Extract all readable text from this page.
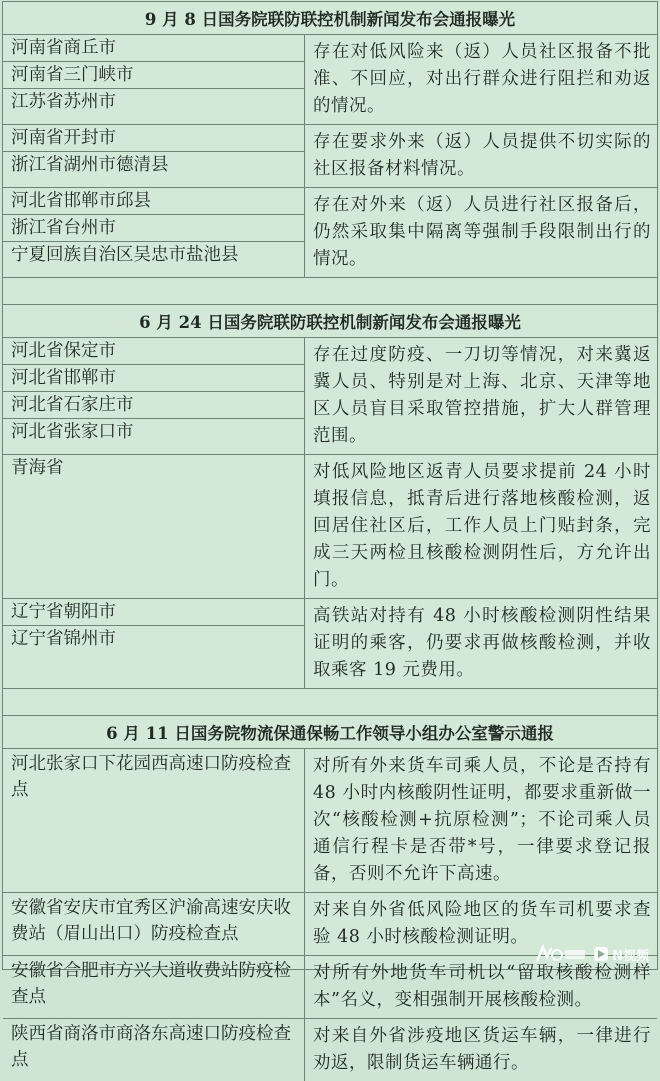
9 月 8 日国务院联防联控机制新闻发布会通报曝光
河南省商丘市
河南省三门峡市
江苏省苏州市
存在对低风险来（返）人员社区报备不批准、不回应，对出行群众进行阻拦和劝返的情况。
河南省开封市
浙江省湖州市德清县
存在要求外来（返）人员提供不切实际的社区报备材料情况。
河北省邯郸市邱县
浙江省台州市
宁夏回族自治区吴忠市盐池县
存在对外来（返）人员进行社区报备后，仍然采取集中隔离等强制手段限制出行的情况。
6 月 24 日国务院联防联控机制新闻发布会通报曝光
河北省保定市
河北省邯郸市
河北省石家庄市
河北省张家口市
存在过度防疫、一刀切等情况，对来冀返冀人员、特别是对上海、北京、天津等地区人员盲目采取管控措施，扩大人群管理范围。
青海省	对低风险地区返青人员要求提前 24 小时填报信息，抵青后进行落地核酸检测，返回居住社区后，工作人员上门贴封条，完成三天两检且核酸检测阴性后，方允许出门。
辽宁省朝阳市
辽宁省锦州市
高铁站对持有 48 小时核酸检测阴性结果证明的乘客，仍要求再做核酸检测，并收取乘客 19 元费用。
6 月 11 日国务院物流保通保畅工作领导小组办公室警示通报
河北张家口下花园西高速口防疫检查点
对所有外来货车司乘人员，不论是否持有 48 小时内核酸阴性证明，都要求重新做一次“核酸检测+抗原检测”；不论司乘人员通信行程卡是否带*号，一律要求登记报备，否则不允许下高速。
安徽省安庆市宜秀区沪渝高速安庆收费站（眉山出口）防疫检查点
对来自外省低风险地区的货车司机要求查验 48 小时核酸检测证明。
安徽省合肥市方兴大道收费站防疫检查点
对所有外地货车司机以“留取核酸检测样本”名义，变相强制开展核酸检测。
陕西省商洛市商洛东高速口防疫检查点
对来自外省涉疫地区货运车辆，一律进行劝返，限制货运车辆通行。
N视频
